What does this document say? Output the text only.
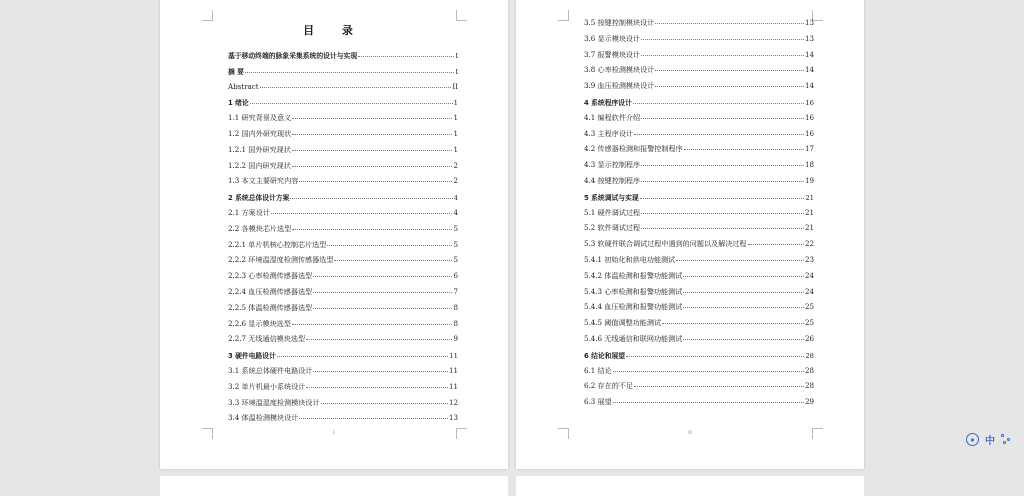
目 录
基于移动终端的脉象采集系统的设计与实现	I
摘 要	I
Abstract	II
1 绪论	1
1.1 研究背景及意义	1
1.2 国内外研究现状	1
1.2.1 国外研究现状	1
1.2.2 国内研究现状	2
1.3 本文主要研究内容	2
2 系统总体设计方案	4
2.1 方案设计	4
2.2 各模块芯片选型	5
2.2.1 单片机核心控制芯片选型	5
2.2.2 环境温湿度检测传感器选型	5
2.2.3 心率检测传感器选型	6
2.2.4 血压检测传感器选型	7
2.2.5 体温检测传感器选型	8
2.2.6 显示模块选型	8
2.2.7 无线通信模块选型	9
3 硬件电路设计	11
3.1 系统总体硬件电路设计	11
3.2 单片机最小系统设计	11
3.3 环境温湿度检测模块设计	12
3.4 体温检测模块设计	13
I
3.5 按键控制模块设计	13
3.6 显示模块设计	13
3.7 报警模块设计	14
3.8 心率检测模块设计	14
3.9 血压检测模块设计	14
4 系统程序设计	16
4.1 编程软件介绍	16
4.3 主程序设计	16
4.2 传感器检测和报警控制程序	17
4.3 显示控制程序	18
4.4 按键控制程序	19
5 系统调试与实现	21
5.1 硬件调试过程	21
5.2 软件调试过程	21
5.3 软硬件联合调试过程中遇到的问题以及解决过程	22
5.4.1 初始化和供电功能测试	23
5.4.2 体温检测和报警功能测试	24
5.4.3 心率检测和报警功能测试	24
5.4.4 血压检测和报警功能测试	25
5.4.5 阈值调整功能测试	25
5.4.6 无线通信和联网功能测试	26
6 结论和展望	28
6.1 结论	28
6.2 存在的不足	28
6.3 展望	29
II
●	中
